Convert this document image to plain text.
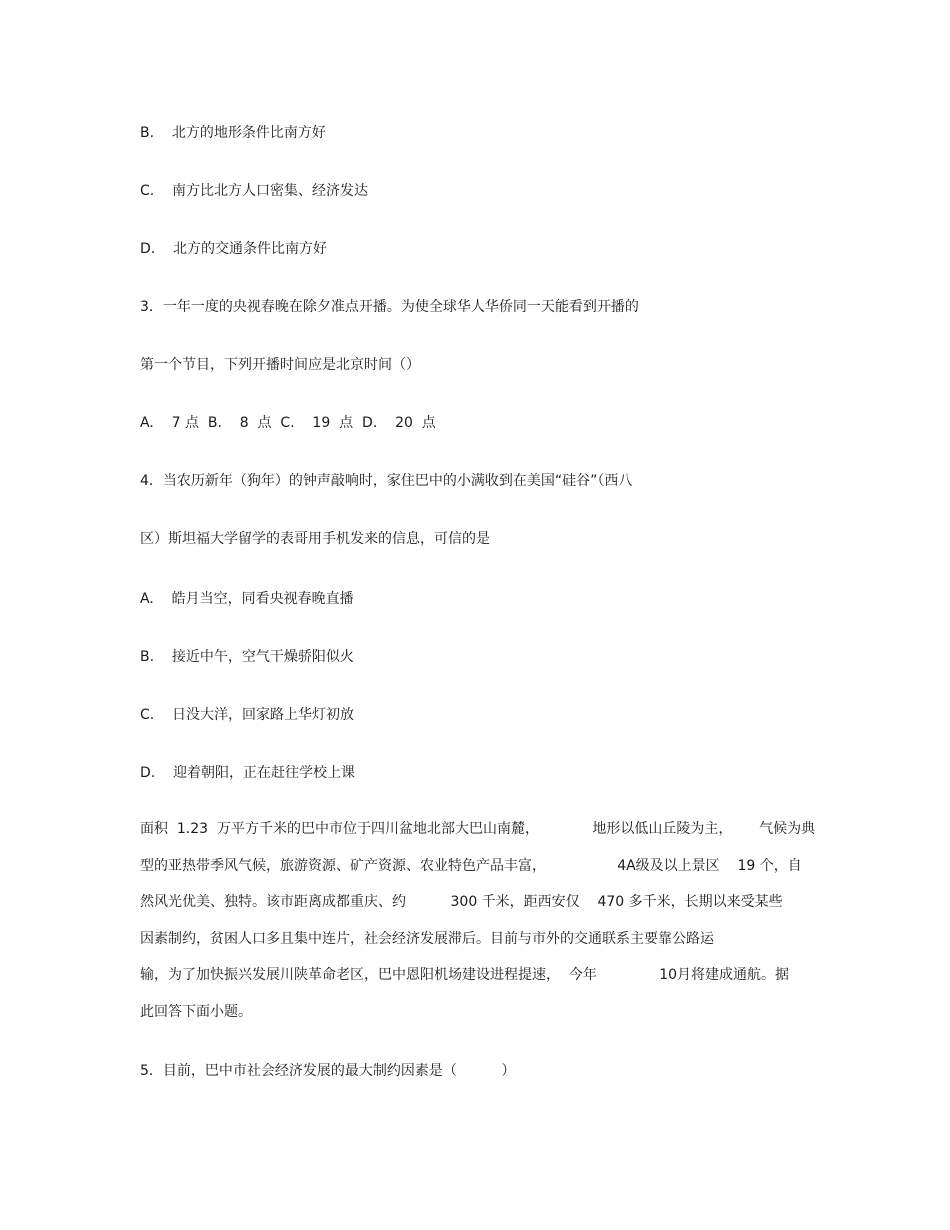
B.    北方的地形条件比南方好
C.    南方比北方人口密集、经济发达
D.    北方的交通条件比南方好
3．一年一度的央视春晚在除夕准点开播。为使全球华人华侨同一天能看到开播的
第一个节目，下列开播时间应是北京时间（）
A.    7 点  B.    8  点  C.    19  点  D.    20  点
4．当农历新年（狗年）的钟声敲响时，家住巴中的小满收到在美国“硅谷”（西八
区）斯坦福大学留学的表哥用手机发来的信息，可信的是
A.    皓月当空，同看央视春晚直播
B.    接近中午，空气干燥骄阳似火
C.    日没大洋，回家路上华灯初放
D.    迎着朝阳，正在赶往学校上课
面积  1.23  万平方千米的巴中市位于四川盆地北部大巴山南麓，            地形以低山丘陵为主，      气候为典
型的亚热带季风气候，旅游资源、矿产资源、农业特色产品丰富，                4A级及以上景区    19 个，自
然风光优美、独特。该市距离成都重庆、约          300 千米，距西安仅    470 多千米，长期以来受某些
因素制约，贫困人口多且集中连片，社会经济发展滞后。目前与市外的交通联系主要靠公路运
输，为了加快振兴发展川陕革命老区，巴中恩阳机场建设进程提速，  今年              10月将建成通航。据
此回答下面小题。
5．目前，巴中市社会经济发展的最大制约因素是（          ）
